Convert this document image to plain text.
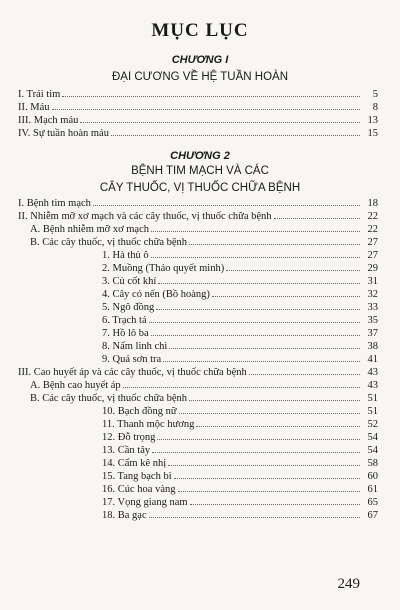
MỤC LỤC
CHƯƠNG I
ĐẠI CƯƠNG VỀ HỆ TUẦN HOÀN
I. Trái tim	5
II. Máu	8
III. Mạch máu	13
IV. Sự tuần hoàn máu	15
CHƯƠNG 2
BỆNH TIM MẠCH VÀ CÁC
CÂY THUỐC, VỊ THUỐC CHỮA BỆNH
I. Bệnh tim mạch	18
II. Nhiễm mỡ xơ mạch và các cây thuốc, vị thuốc chữa bệnh	22
A. Bệnh nhiễm mỡ xơ mạch	22
B. Các cây thuốc, vị thuốc chữa bệnh	27
1. Hà thủ ô	27
2. Muồng (Thảo quyết minh)	29
3. Củ cốt khí	31
4. Cây cỏ nến (Bồ hoàng)	32
5. Ngô đồng	33
6. Trạch tả	35
7. Hồ lô ba	37
8. Nấm linh chi	38
9. Quả sơn tra	41
III. Cao huyết áp và các cây thuốc, vị thuốc chữa bệnh	43
A. Bệnh cao huyết áp	43
B. Các cây thuốc, vị thuốc chữa bệnh	51
10. Bạch đồng nữ	51
11. Thanh mộc hương	52
12. Đỗ trọng	54
13. Cần tây	54
14. Cẩm kê nhị	58
15. Tang bạch bì	60
16. Cúc hoa vàng	61
17. Vọng giang nam	65
18. Ba gạc	67
249
